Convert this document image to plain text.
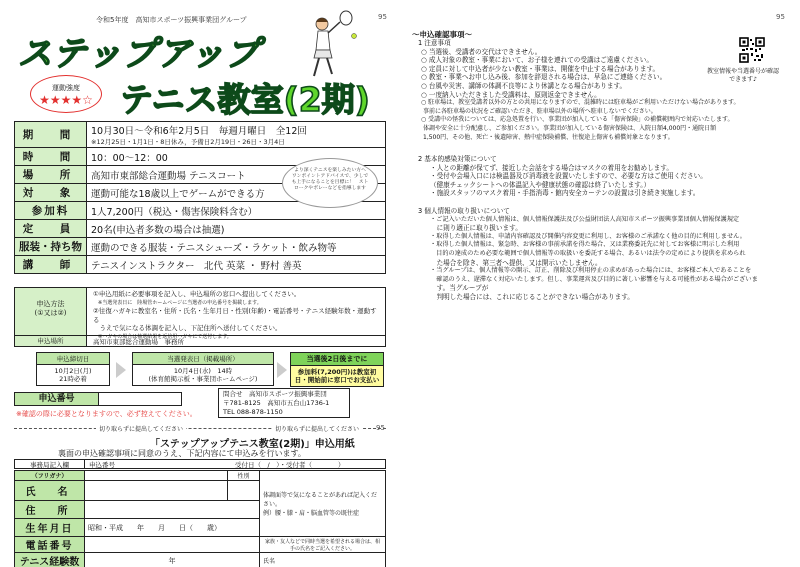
95	95
令和5年度　高知市スポーツ振興事業団グループ
ステップアップ
テニス教室(2期)
運動強度
★★★★☆
期　間	10月30日～令和6年2月5日　毎週月曜日　全12回
※12月25日・1月1日・8日休み，予備日2月19日・26日・3月4日

時　間	10：00～12：00
場　所	高知市東部総合運動場 テニスコート
対　象	運動可能な18歳以上でゲームができる方
参加料	1人7,200円（税込・傷害保険料含む）
定　員	20名(申込者多数の場合は抽選)
服装・持ち物	運動のできる服装・テニスシューズ・ラケット・飲み物等
講　師	テニスインストラクター　北代 英菜 ・ 野村 善英
より深くテニスを楽しみたい方へ　ワンポイントアドバイスで、少しでも上手になることを目標に！　ストロークやボレーなどを指導します
申込方法
(①又は②)
①申込用紙に必要事項を記入し、申込場所の窓口へ提出してください。
　※当選発表日に　陸場管ホームページに当選者の申込番号を掲載します。
②往復ハガキに教室名・住所・氏名・生年月日・性別(年齢)・電話番号・テニス経験年数・運動する
　うえで気になる体調を記入し、下記住所へ送付してください。
　※ハガキの場合は抽選結果を返信用ハガキにて送付します。
申込場所	高知市東部総合運動場　事務所
申込締切日
10月2日(月)
21時必着
当選発表日（掲載場所）
10月4日(水)　14時
(体育館掲示板・事業団ホームページ)
当選後2日後までに
参加料(7,200円)は教室初日・開始前に窓口でお支払い
申込番号
※確認の際に必要となりますので、必ず控えてください。
問合せ　高知市スポーツ振興事業団
〒781-8125　高知市五台山1736-1
TEL 088-878-1150
切り取らずに提出してください	切り取らずに提出してください	95
「ステップアップテニス教室(2期)」申込用紙
裏面の申込確認事項に同意のうえ、下記内容にて申込みを行います。
事務局記入欄	申込番号	受付日（　/　）・受付者（　　　　）
（フリガナ）		性別	体調面等で気になることがあれば記入ください。
例）腰・膝・肩・脳血管等の既往症

氏　名			
住　所			
生年月日	昭和・平成　　年　　月　　日（　　歳）		
電話番号			家族・友人などで同時当選を希望される場合は、相手の氏名をご記入ください。
テニス経験数	年		氏名
～申込確認事項～
1 注意事項
○ 当選後、受講者の交代はできません。
○ 成人対象の教室・事業において、お子様を連れての受講はご遠慮ください。
○ 定員に対して申込者が少ない教室・事業は、開催を中止する場合があります。
○ 教室・事業へお申し込み後、参加を辞退される場合は、早急にご連絡ください。
○ 台風や災害、講師の体調不良等により休講となる場合があります。
○ 一度納入いただきました受講料は、原則返金できません。
○ 駐車場は、教室受講者以外の方との共用になりますので、混雑時には駐車場がご利用いただけない場合があります。
事前に各駐車場の状況をご確認いただき、駐車場以外の場所へ駐車しないでください。
○ 受講中の怪我については、応急処置を行い、事業団が加入している「傷害保険」の補償範囲内で対応いたします。
体調や安全に十分配慮し、ご参加ください。事業団が加入している傷害保険は、入院日額4,000円・通院日額
1,500円、その他、死亡・後遺障害、熱中症保険補償、往復途上傷害も補償対象となります。
教室情報や当選番号が確認できます♪
2 基本的感染対策について
・人との距離が保てず、接近した会話をする場合はマスクの着用をお勧めします。
・受付や会場入口には検温器及び消毒液を設置いたしますので、必要な方はご使用ください。
（健康チェックシートへの体温記入や健康状態の確認は終了いたします。）
・施設スタッフのマスク着用・手指消毒・館内安全カーテンの設置は引き続き実施します。
3 個人情報の取り扱いについて
・ご記入いただいた個人情報は、個人情報保護法及び公益財団法人高知市スポーツ振興事業団個人情報保護規定
　に則り適正に取り扱います。
・取得した個人情報は、申請内容確認及び開催内容変更に利用し、お客様のご承諾なく他の目的に利用しません。
・取得した個人情報は、緊急時、お客様の事前承諾を得た場合、又は業務委託先に対してお客様に明示した利用
　目的の達成のため必要な範囲で個人情報等の取扱いを委託する場合、あるいは法令の定めにより提供を求められ
　た場合を除き、第三者へ提供、又は開示いたしません。
・当グループは、個人情報等の開示、訂正、削除及び利用停止の求めがあった場合には、お客様ご本人であることを
　確認のうえ、遅滞なく対応いたします。但し、事業運営及び目的に著しい影響を与える可能性がある場合がございま
　す。当グループが
　判明した場合には、これに応じることができない場合があります。
